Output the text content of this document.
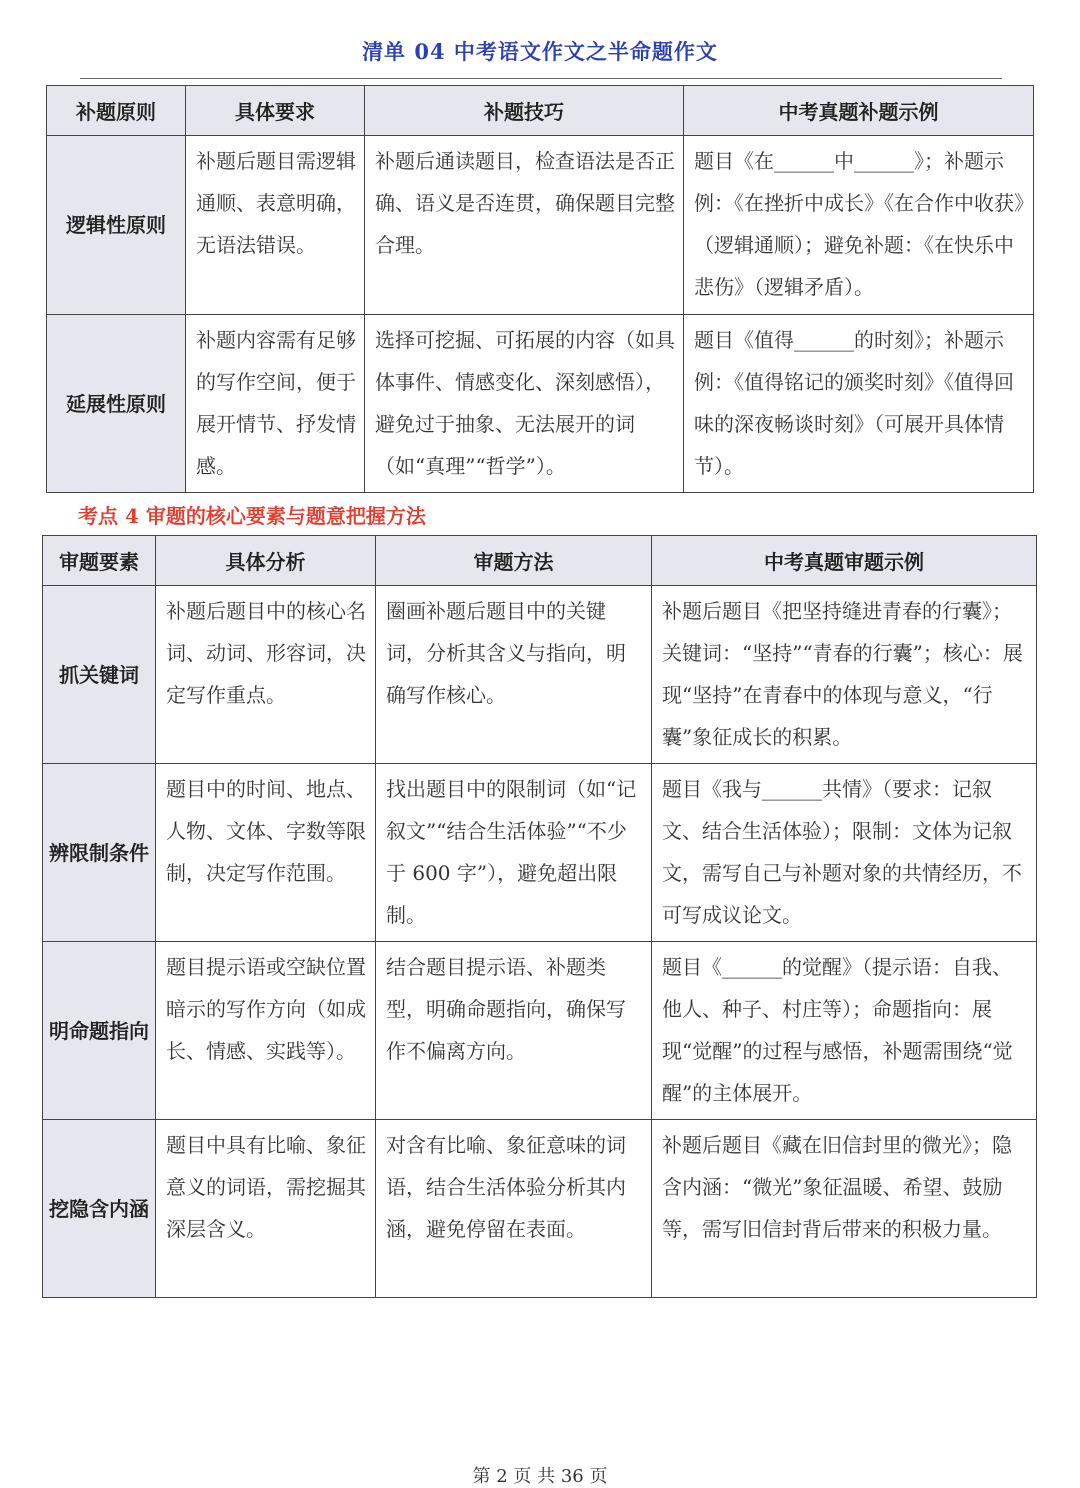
清单 04 中考语文作文之半命题作文
补题原则	具体要求	补题技巧	中考真题补题示例
逻辑性原则	补题后题目需逻辑通顺、表意明确，无语法错误。	补题后通读题目，检查语法是否正确、语义是否连贯，确保题目完整合理。	题目《在______中______》；补题示例：《在挫折中成长》《在合作中收获》（逻辑通顺）；避免补题：《在快乐中悲伤》（逻辑矛盾）。
延展性原则	补题内容需有足够的写作空间，便于展开情节、抒发情感。	选择可挖掘、可拓展的内容（如具体事件、情感变化、深刻感悟），避免过于抽象、无法展开的词（如“真理”“哲学”）。	题目《值得______的时刻》；补题示例：《值得铭记的颁奖时刻》《值得回味的深夜畅谈时刻》（可展开具体情节）。
考点 4 审题的核心要素与题意把握方法
审题要素	具体分析	审题方法	中考真题审题示例
抓关键词	补题后题目中的核心名词、动词、形容词，决定写作重点。	圈画补题后题目中的关键词，分析其含义与指向，明确写作核心。	补题后题目《把坚持缝进青春的行囊》；关键词：“坚持”“青春的行囊”；核心：展现“坚持”在青春中的体现与意义，“行囊”象征成长的积累。
辨限制条件	题目中的时间、地点、人物、文体、字数等限制，决定写作范围。	找出题目中的限制词（如“记叙文”“结合生活体验”“不少于 600 字”），避免超出限制。	题目《我与______共情》（要求：记叙文、结合生活体验）；限制：文体为记叙文，需写自己与补题对象的共情经历，不可写成议论文。
明命题指向	题目提示语或空缺位置暗示的写作方向（如成长、情感、实践等）。	结合题目提示语、补题类型，明确命题指向，确保写作不偏离方向。	题目《______的觉醒》（提示语：自我、他人、种子、村庄等）；命题指向：展现“觉醒”的过程与感悟，补题需围绕“觉醒”的主体展开。
挖隐含内涵	题目中具有比喻、象征意义的词语，需挖掘其深层含义。	对含有比喻、象征意味的词语，结合生活体验分析其内涵，避免停留在表面。	补题后题目《藏在旧信封里的微光》；隐含内涵：“微光”象征温暖、希望、鼓励等，需写旧信封背后带来的积极力量。
第 2 页 共 36 页
